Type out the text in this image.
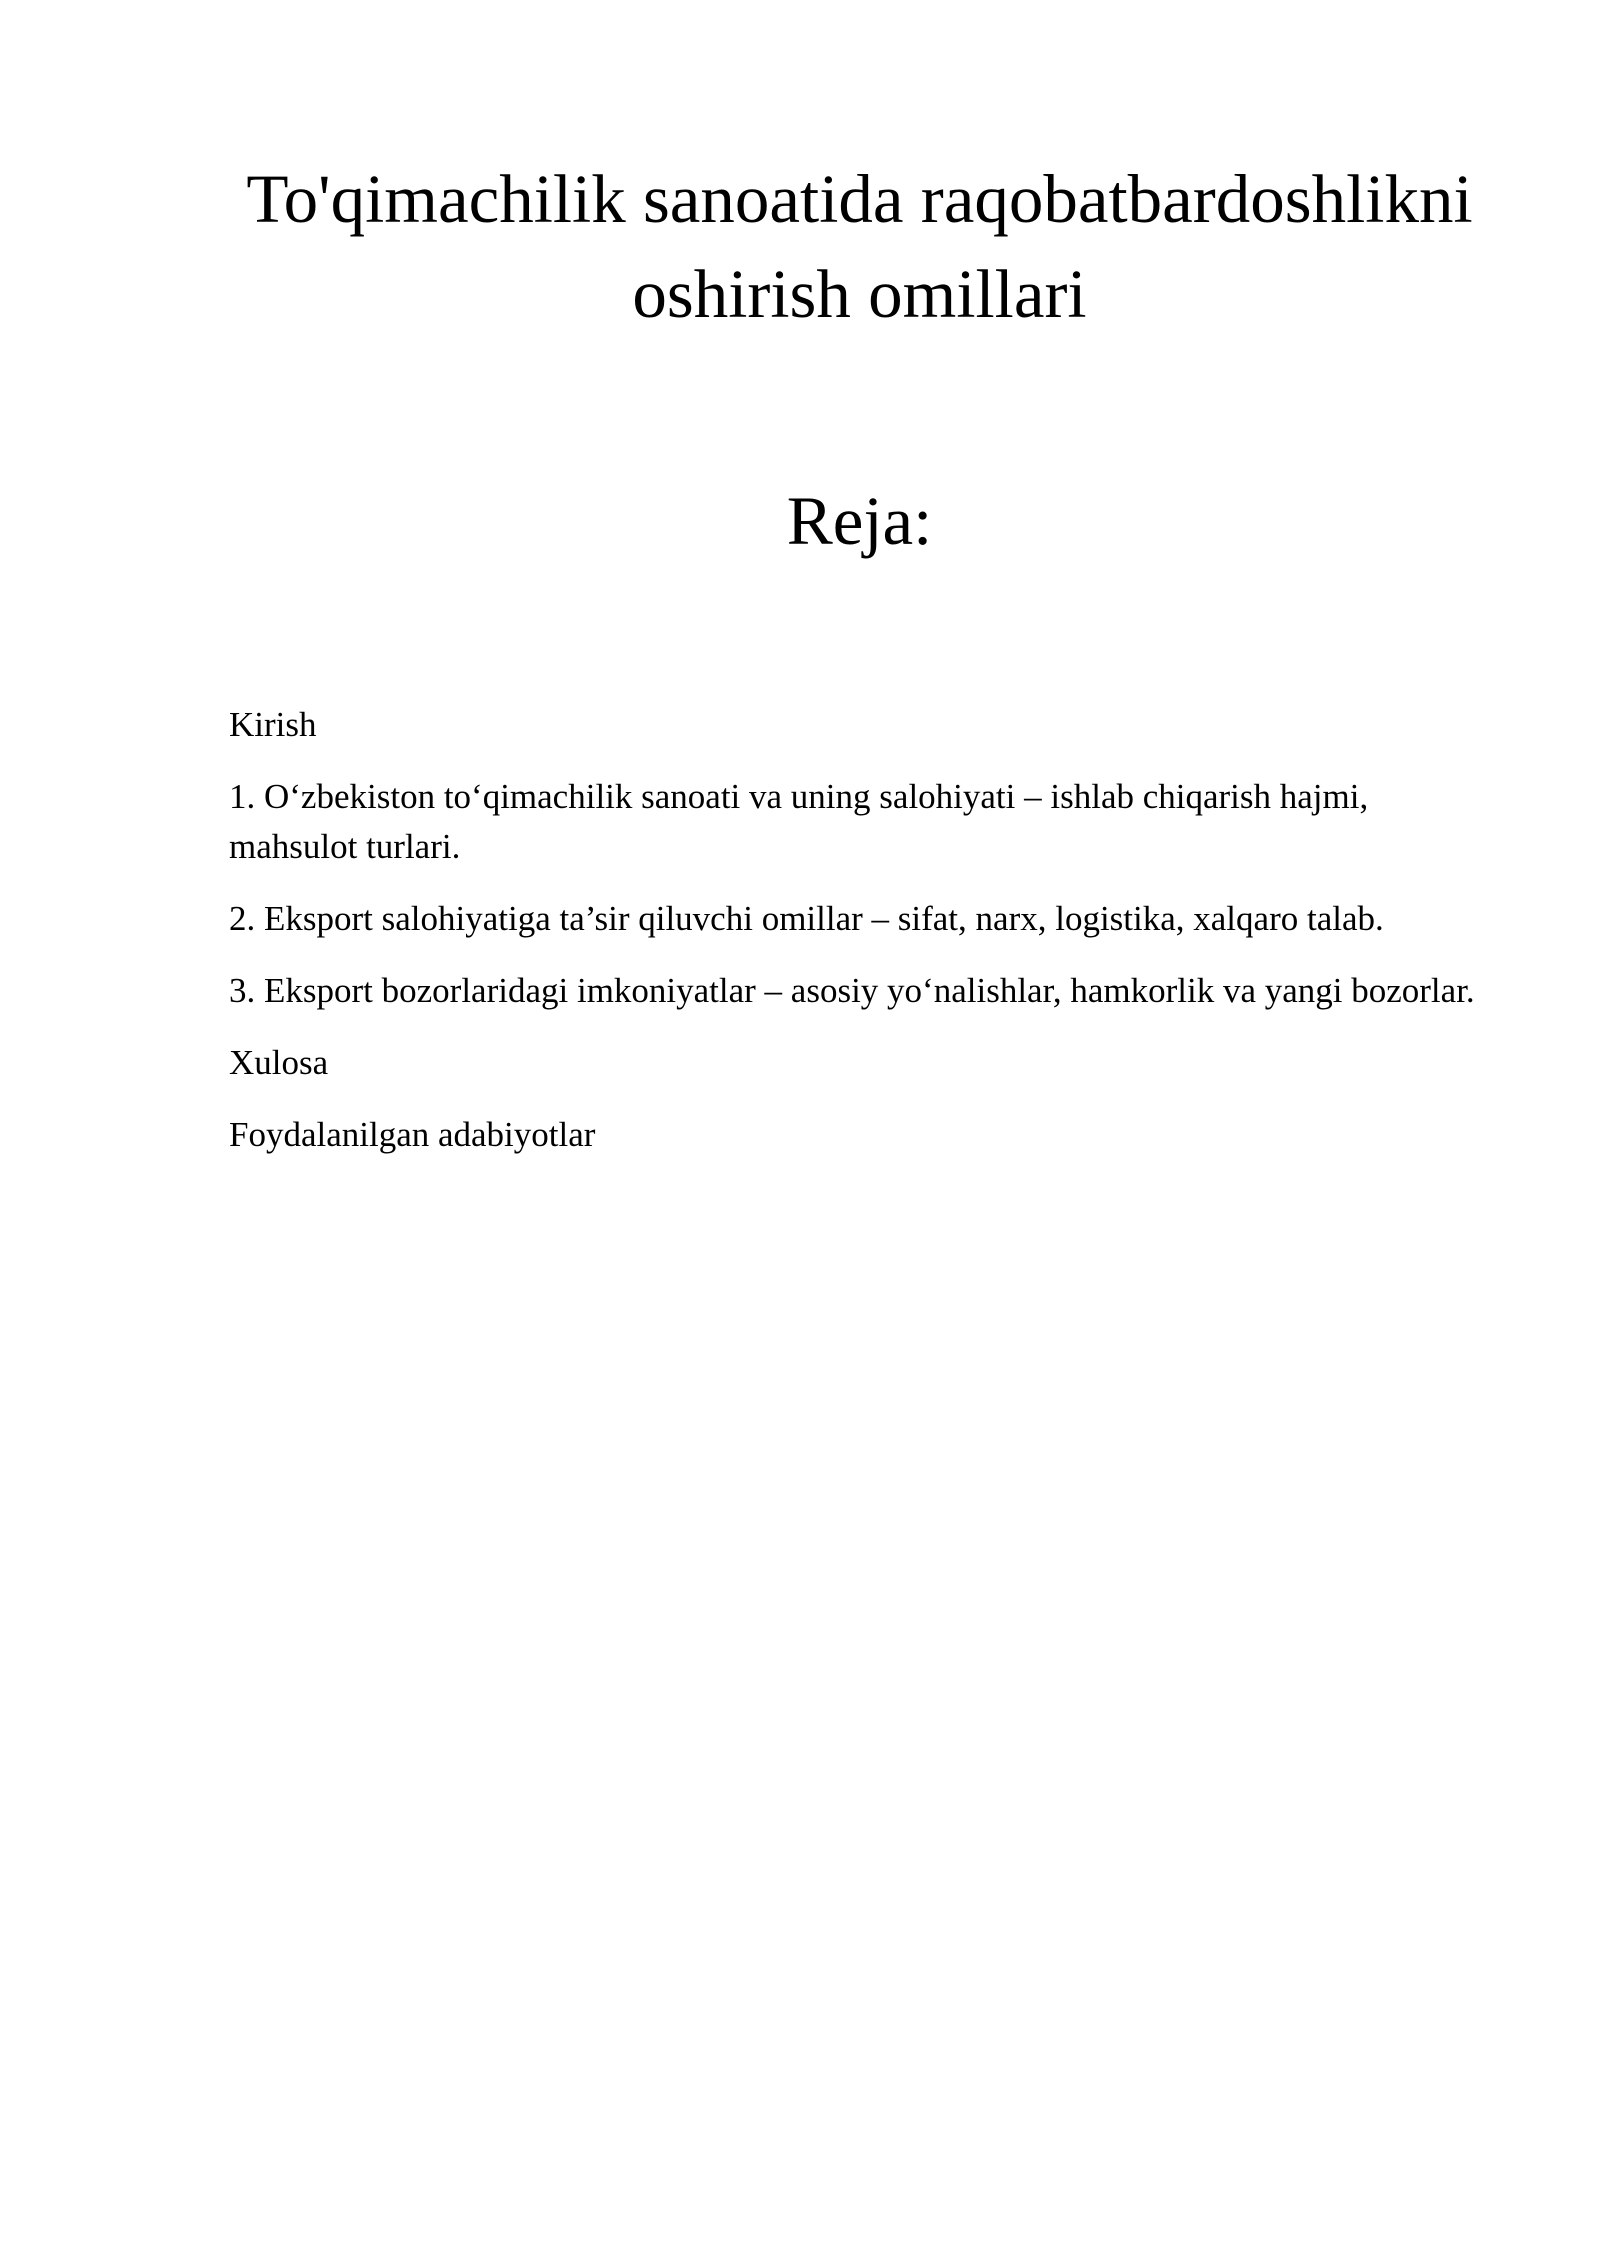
To'qimachilik sanoatida raqobatbardoshlikni
oshirish omillari
Reja:
Kirish
1. O‘zbekiston to‘qimachilik sanoati va uning salohiyati – ishlab chiqarish hajmi, mahsulot turlari.
2. Eksport salohiyatiga ta’sir qiluvchi omillar – sifat, narx, logistika, xalqaro talab.
3. Eksport bozorlaridagi imkoniyatlar – asosiy yo‘nalishlar, hamkorlik va yangi bozorlar.
Xulosa
Foydalanilgan adabiyotlar
